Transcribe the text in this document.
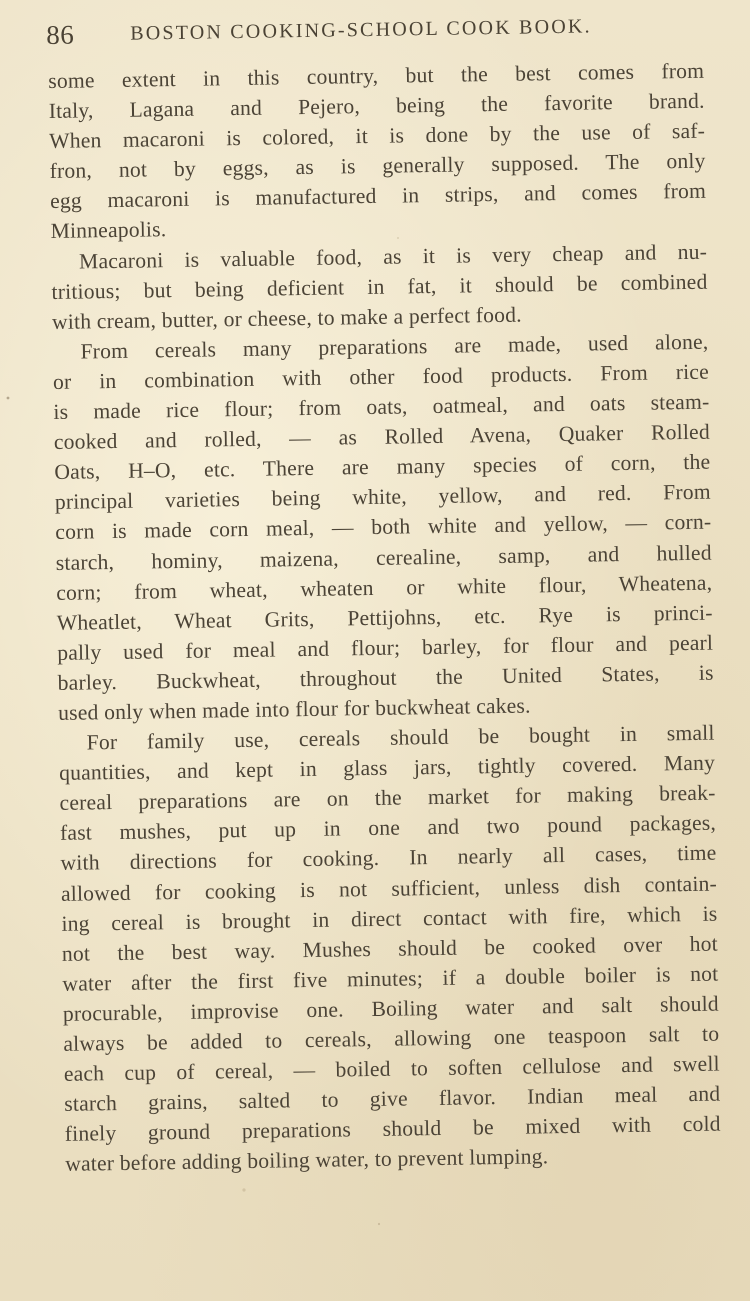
86	BOSTON COOKING-SCHOOL COOK BOOK.
some extent in this country, but the best comes from
Italy, Lagana and Pejero, being the favorite brand.
When macaroni is colored, it is done by the use of saf-
fron, not by eggs, as is generally supposed. The only
egg macaroni is manufactured in strips, and comes from
Minneapolis.
Macaroni is valuable food, as it is very cheap and nu-
tritious; but being deficient in fat, it should be combined
with cream, butter, or cheese, to make a perfect food.
From cereals many preparations are made, used alone,
or in combination with other food products. From rice
is made rice flour; from oats, oatmeal, and oats steam-
cooked and rolled, — as Rolled Avena, Quaker Rolled
Oats, H–O, etc. There are many species of corn, the
principal varieties being white, yellow, and red. From
corn is made corn meal, — both white and yellow, — corn-
starch, hominy, maizena, cerealine, samp, and hulled
corn; from wheat, wheaten or white flour, Wheatena,
Wheatlet, Wheat Grits, Pettijohns, etc. Rye is princi-
pally used for meal and flour; barley, for flour and pearl
barley. Buckwheat, throughout the United States, is
used only when made into flour for buckwheat cakes.
For family use, cereals should be bought in small
quantities, and kept in glass jars, tightly covered. Many
cereal preparations are on the market for making break-
fast mushes, put up in one and two pound packages,
with directions for cooking. In nearly all cases, time
allowed for cooking is not sufficient, unless dish contain-
ing cereal is brought in direct contact with fire, which is
not the best way. Mushes should be cooked over hot
water after the first five minutes; if a double boiler is not
procurable, improvise one. Boiling water and salt should
always be added to cereals, allowing one teaspoon salt to
each cup of cereal, — boiled to soften cellulose and swell
starch grains, salted to give flavor. Indian meal and
finely ground preparations should be mixed with cold
water before adding boiling water, to prevent lumping.
